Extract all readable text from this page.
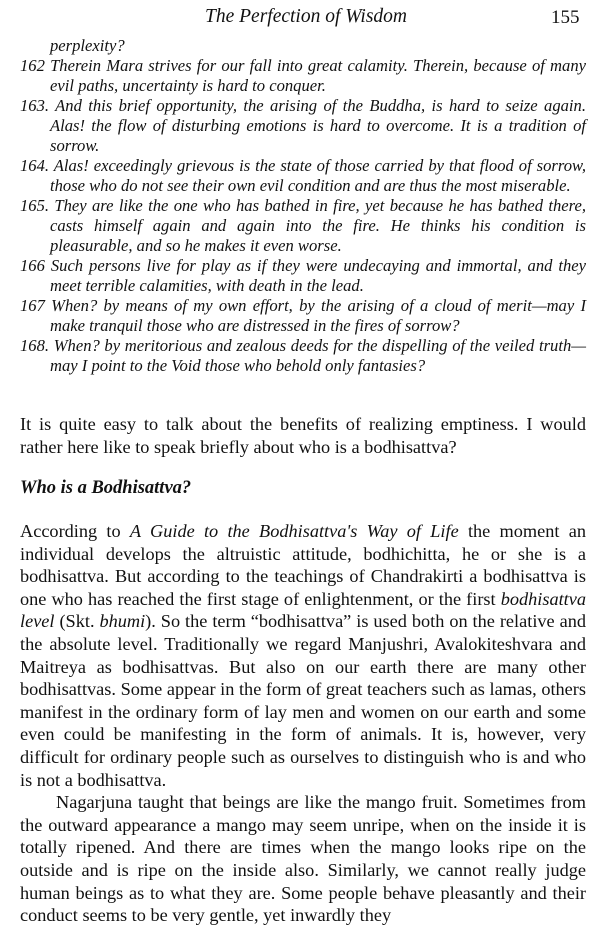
The Perfection of Wisdom	155
perplexity?
162 Therein Mara strives for our fall into great calamity. Therein, because of many evil paths, uncertainty is hard to conquer.
163. And this brief opportunity, the arising of the Buddha, is hard to seize again. Alas! the flow of disturbing emotions is hard to overcome. It is a tradition of sorrow.
164. Alas! exceedingly grievous is the state of those carried by that flood of sorrow, those who do not see their own evil condition and are thus the most miserable.
165. They are like the one who has bathed in fire, yet because he has bathed there, casts himself again and again into the fire. He thinks his condition is pleasurable, and so he makes it even worse.
166 Such persons live for play as if they were undecaying and immortal, and they meet terrible calamities, with death in the lead.
167 When? by means of my own effort, by the arising of a cloud of merit—may I make tranquil those who are distressed in the fires of sorrow?
168. When? by meritorious and zealous deeds for the dispelling of the veiled truth—may I point to the Void those who behold only fantasies?

It is quite easy to talk about the benefits of realizing emptiness. I would rather here like to speak briefly about who is a bodhisattva?

Who is a Bodhisattva?

According to A Guide to the Bodhisattva's Way of Life the moment an individual develops the altruistic attitude, bodhichitta, he or she is a bodhisattva. But according to the teachings of Chandrakirti a bodhisattva is one who has reached the first stage of enlightenment, or the first bodhisattva level (Skt. bhumi). So the term “bodhisattva” is used both on the relative and the absolute level. Traditionally we regard Manjushri, Avalokiteshvara and Maitreya as bodhisattvas. But also on our earth there are many other bodhisattvas. Some appear in the form of great teachers such as lamas, others manifest in the ordinary form of lay men and women on our earth and some even could be manifesting in the form of animals. It is, however, very difficult for ordinary people such as ourselves to distinguish who is and who is not a bodhisattva.

Nagarjuna taught that beings are like the mango fruit. Sometimes from the outward appearance a mango may seem unripe, when on the inside it is totally ripened. And there are times when the mango looks ripe on the outside and is ripe on the inside also. Similarly, we cannot really judge human beings as to what they are. Some people behave pleasantly and their conduct seems to be very gentle, yet inwardly they
